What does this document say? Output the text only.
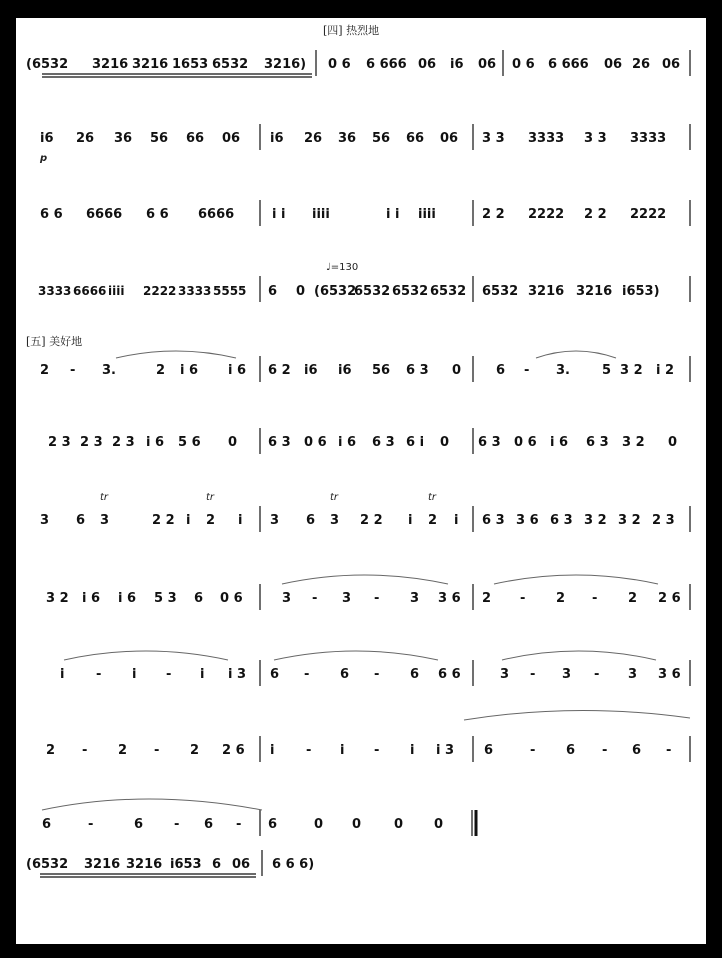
[四] 热烈地
(6532 3216 3216 1653 6532 3216) 0 6 6 666 06 i6 06 0 6 6 666 06 26 06
i6 26 36 56 66 06 i6 26 36 56 66 06 3 3 3333 3 3 3333
p
6 6 6666 6 6 6666	i i iiii	i i iiii	2 2 2222 2 2 2222
3333 6666 iiii 2222 3333 5555 6 0 (6532
6532 6532 6532 6532 3216 3216 i653)
♩=130
[五] 美好地
2 - 3.	2 i 6 i 6 6 2 i6 i6 56 6 3 0	6 - 3. 5 3 2 i 2
2 3 2 3 2 3 i 6 5 6 0 6 3 0 6 i 6 6 3 6 i 0 6 3 0 6 i 6 6 3 3 2 0
3 6 3	2 2 i 2 i 3 6 3 2 2 i 2 i 6 3 3 6 6 3 3 2 3 2 2 3
tr	tr	tr	tr
3 2 i 6 i 6 5 3 6 0 6	3 - 3 - 3 3 6 2 - 2 - 2 2 6
i - i - i i 3 6 - 6 - 6 6 6	3 - 3 - 3 3 6
2 - 2 - 2 2 6 i - i - i i 3 6	- 6 - 6 -
6	-	6 - 6 - 6	0 0	0 0
(6532 3216 3216 i653 6 06 6 6 6)
